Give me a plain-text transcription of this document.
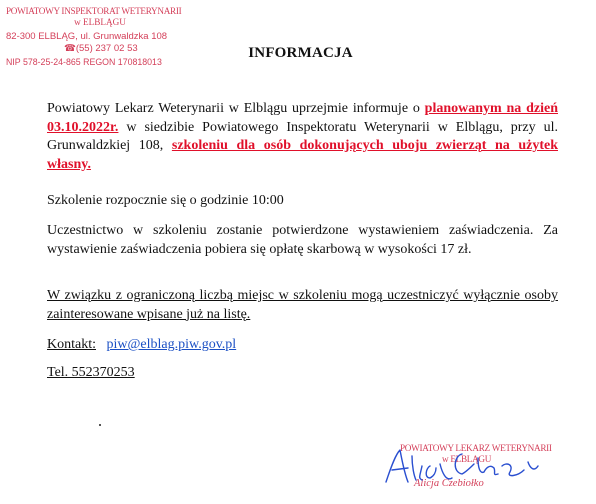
POWIATOWY INSPEKTORAT WETERYNARII
w ELBLĄGU
82-300 ELBLĄG, ul. Grunwaldzka 108
☎(55) 237 02 53
NIP 578-25-24-865 REGON 170818013
INFORMACJA
Powiatowy Lekarz Weterynarii w Elblągu uprzejmie informuje o planowanym na dzień 03.10.2022r. w siedzibie Powiatowego Inspektoratu Weterynarii w Elblągu, przy ul. Grunwaldzkiej 108, szkoleniu dla osób dokonujących uboju zwierząt na użytek własny.
Szkolenie rozpocznie się o godzinie 10:00
Uczestnictwo w szkoleniu zostanie potwierdzone wystawieniem zaświadczenia. Za wystawienie zaświadczenia pobiera się opłatę skarbową w wysokości 17 zł.
W związku z ograniczoną liczbą miejsc w szkoleniu mogą uczestniczyć wyłącznie osoby zainteresowane wpisane już na listę.
Kontakt: piw@elblag.piw.gov.pl
Tel. 552370253
POWIATOWY LEKARZ WETERYNARII
w ELBLĄGU
Alicja Czebiołko
